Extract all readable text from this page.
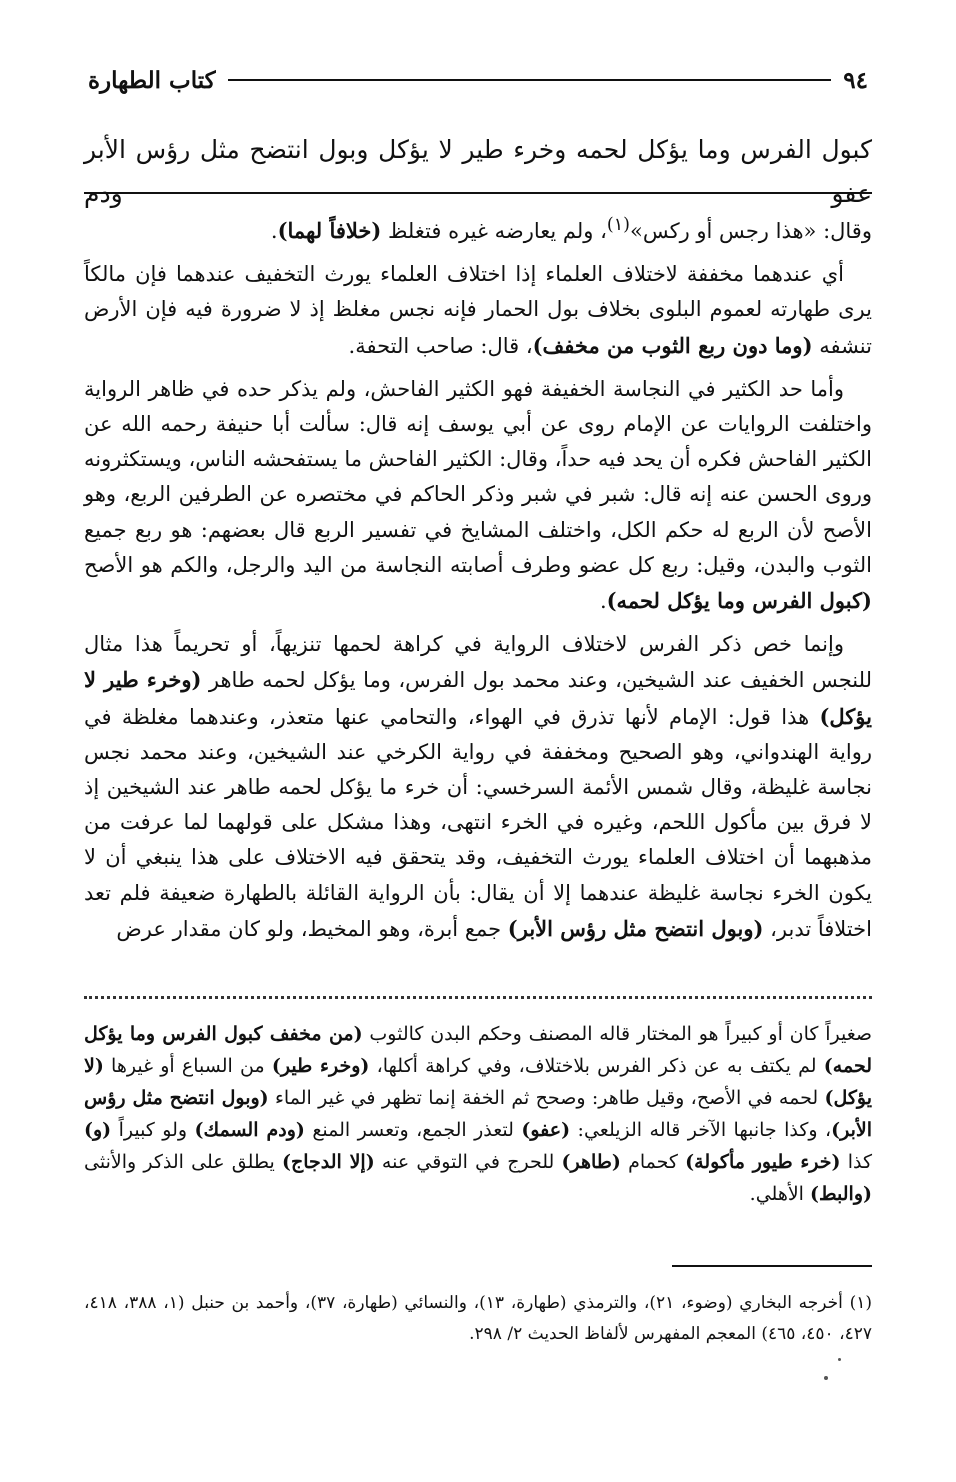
كتاب الطهارة	٩٤
كبول الفرس وما يؤكل لحمه وخرء طير لا يؤكل وبول انتضح مثل رؤس الأبر عفو ودم

وقال: «هذا رجس أو ركس»$^{(١)}$، ولم يعارضه غيره فتغلظ (خلافاً لهما).

أي عندهما مخففة لاختلاف العلماء إذا اختلاف العلماء يورث التخفيف عندهما فإن مالكاً يرى طهارته لعموم البلوى بخلاف بول الحمار فإنه نجس مغلظ إذ لا ضرورة فيه فإن الأرض تنشفه (وما دون ربع الثوب من مخفف)، قال: صاحب التحفة.

وأما حد الكثير في النجاسة الخفيفة فهو الكثير الفاحش، ولم يذكر حده في ظاهر الرواية واختلفت الروايات عن الإمام روى عن أبي يوسف إنه قال: سألت أبا حنيفة رحمه الله عن الكثير الفاحش فكره أن يحد فيه حداً، وقال: الكثير الفاحش ما يستفحشه الناس، ويستكثرونه وروى الحسن عنه إنه قال: شبر في شبر وذكر الحاكم في مختصره عن الطرفين الربع، وهو الأصح لأن الربع له حكم الكل، واختلف المشايخ في تفسير الربع قال بعضهم: هو ربع جميع الثوب والبدن، وقيل: ربع كل عضو وطرف أصابته النجاسة من اليد والرجل، والكم هو الأصح (كبول الفرس وما يؤكل لحمه).

وإنما خص ذكر الفرس لاختلاف الرواية في كراهة لحمها تنزيهاً، أو تحريماً هذا مثال للنجس الخفيف عند الشيخين، وعند محمد بول الفرس، وما يؤكل لحمه طاهر (وخرء طير لا يؤكل) هذا قول: الإمام لأنها تذرق في الهواء، والتحامي عنها متعذر، وعندهما مغلظة في رواية الهندواني، وهو الصحيح ومخففة في رواية الكرخي عند الشيخين، وعند محمد نجس نجاسة غليظة، وقال شمس الأئمة السرخسي: أن خرء ما يؤكل لحمه طاهر عند الشيخين إذ لا فرق بين مأكول اللحم، وغيره في الخرء انتهى، وهذا مشكل على قولهما لما عرفت من مذهبهما أن اختلاف العلماء يورث التخفيف، وقد يتحقق فيه الاختلاف على هذا ينبغي أن لا يكون الخرء نجاسة غليظة عندهما إلا أن يقال: بأن الرواية القائلة بالطهارة ضعيفة فلم تعد اختلافاً تدبر، (وبول انتضح مثل رؤس الأبر) جمع أبرة، وهو المخيط، ولو كان مقدار عرض

صغيراً كان أو كبيراً هو المختار قاله المصنف وحكم البدن كالثوب (من مخفف كبول الفرس وما يؤكل لحمه) لم يكتف به عن ذكر الفرس بلاختلاف، وفي كراهة أكلها، (وخرء طير) من السباع أو غيرها (لا يؤكل) لحمه في الأصح، وقيل طاهر: وصحح ثم الخفة إنما تظهر في غير الماء (وبول انتضح مثل رؤس الأبر)، وكذا جانبها الآخر قاله الزيلعي: (عفو) لتعذر الجمع، وتعسر المنع (ودم السمك) ولو كبيراً (و) كذا (خرء طيور مأكولة) كحمام (طاهر) للحرج في التوقي عنه (إلا الدجاج) يطلق على الذكر والأنثى (والبط) الأهلي.

(١) أخرجه البخاري (وضوء، ٢١)، والترمذي (طهارة، ١٣)، والنسائي (طهارة، ٣٧)، وأحمد بن حنبل (١، ٣٨٨، ٤١٨، ٤٢٧، ٤٥٠، ٤٦٥) المعجم المفهرس لألفاظ الحديث ٢/ ٢٩٨.
